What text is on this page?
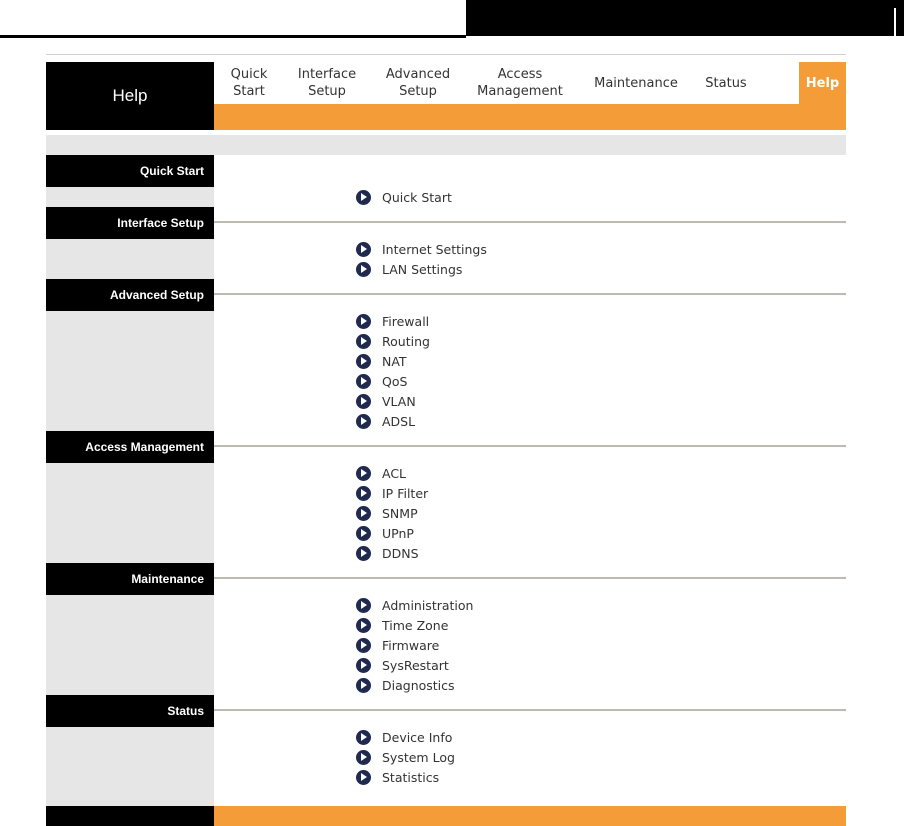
Help
Quick
Start
Interface
Setup
Advanced
Setup
Access
Management
Maintenance Status	Help
Quick Start
Quick Start
Interface Setup
Internet Settings
LAN Settings
Advanced Setup
Firewall
Routing
NAT
QoS
VLAN
ADSL
Access Management
ACL
IP Filter
SNMP
UPnP
DDNS
Maintenance
Administration
Time Zone
Firmware
SysRestart
Diagnostics
Status
Device Info
System Log
Statistics
